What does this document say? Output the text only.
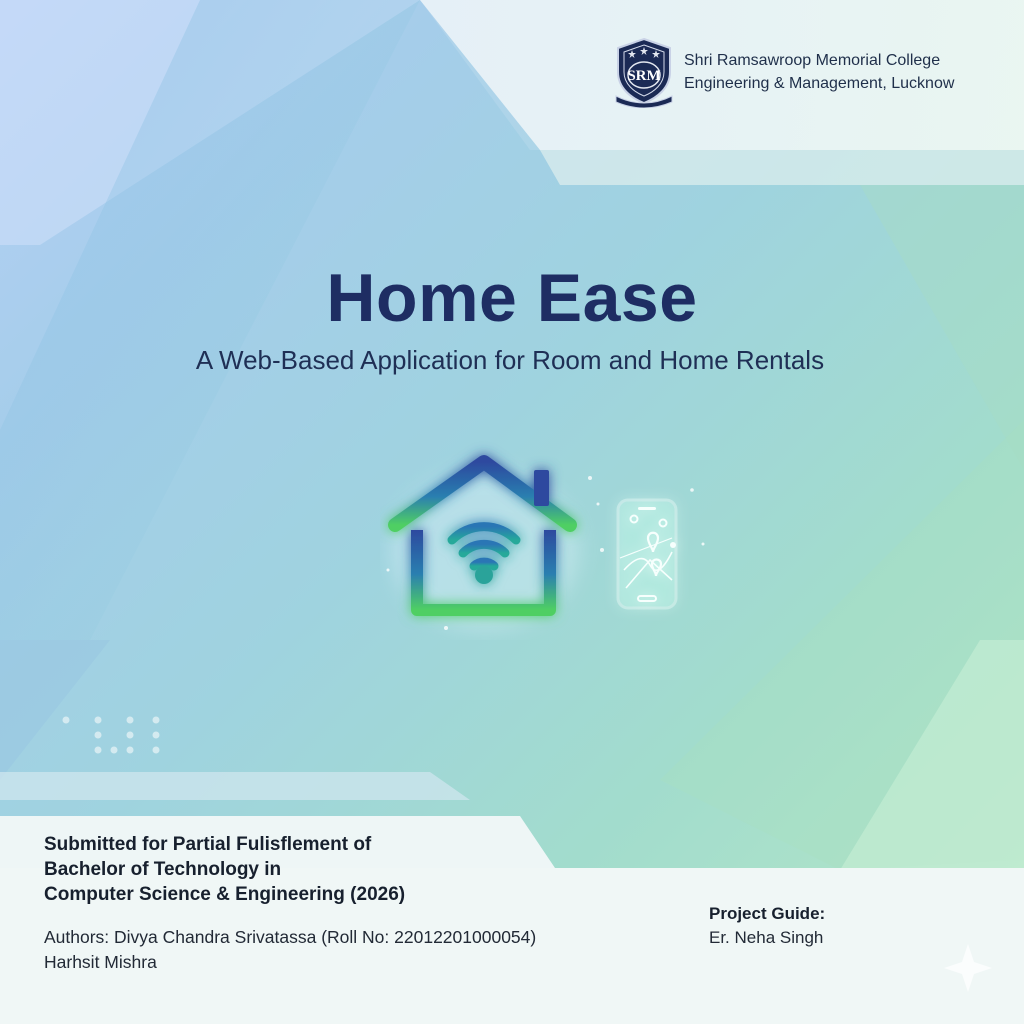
SRM
Shri Ramsawroop Memorial College
Engineering & Management, Lucknow
Home Ease
A Web-Based Application for Room and Home Rentals
Submitted for Partial Fulisflement of
Bachelor of Technology in
Computer Science & Engineering (2026)
Authors: Divya Chandra Srivatassa (Roll No: 22012201000054)
Harhsit Mishra
Project Guide:
Er. Neha Singh
